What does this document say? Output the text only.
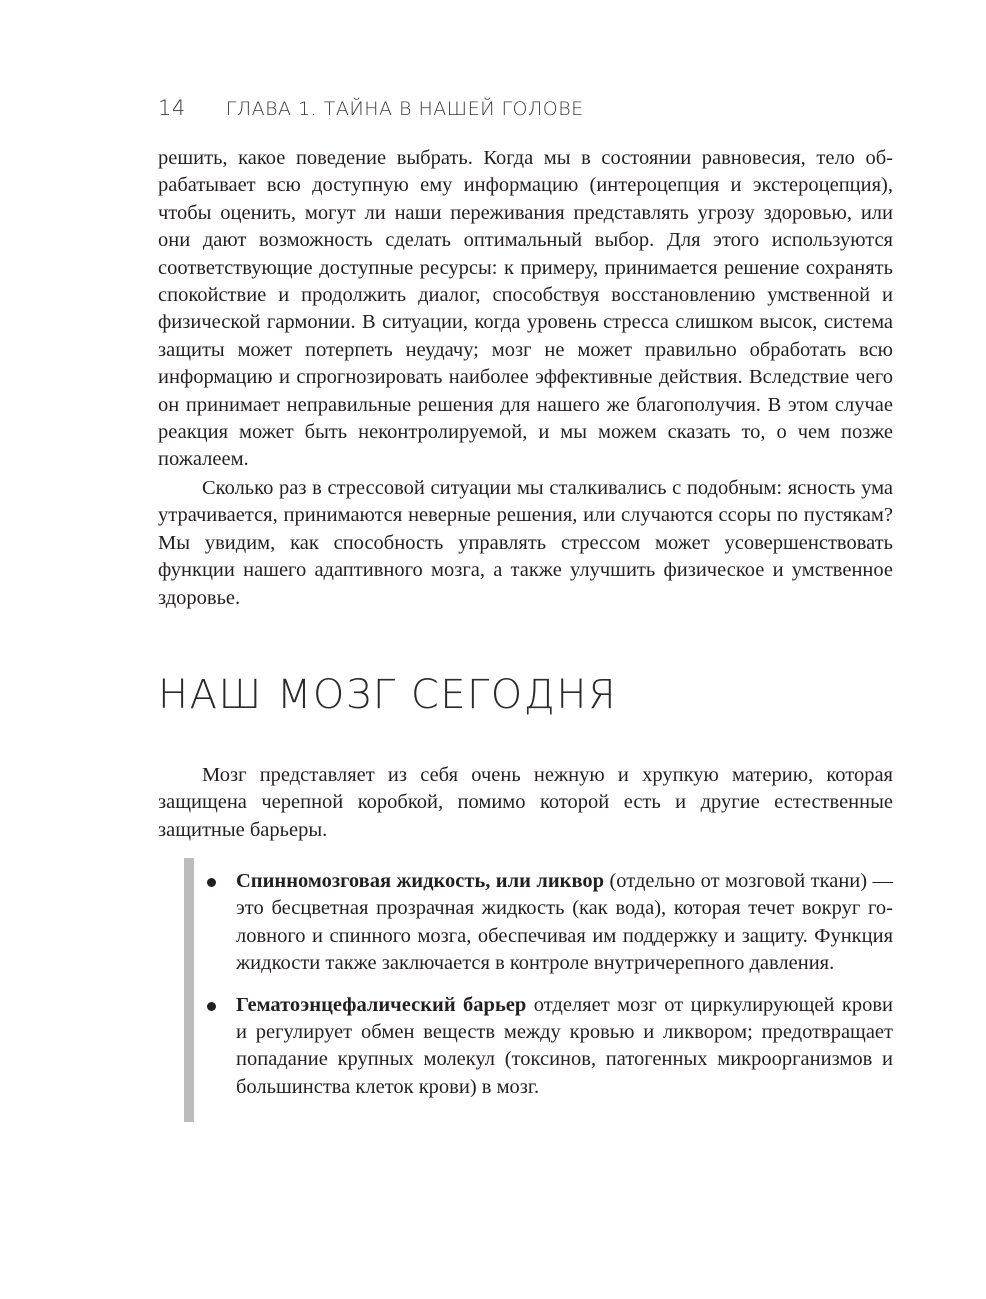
14 ГЛАВА 1. ТАЙНА В НАШЕЙ ГОЛОВЕ

решить, какое поведение выбрать. Когда мы в состоянии равновесия, тело обрабатывает всю доступную ему информацию (интероцепция и экстероцепция), чтобы оценить, могут ли наши переживания представлять угрозу здоровью, или они дают возможность сделать оптимальный выбор. Для этого используются соответствующие доступные ресурсы: к примеру, принимается решение сохранять спокойствие и продолжить диалог, способствуя восстановлению умственной и физической гармонии. В ситуации, когда уровень стресса слишком высок, система защиты может потерпеть неудачу; мозг не может правильно обработать всю информацию и спрогнозировать наиболее эффективные действия. Вследствие чего он принимает неправильные решения для нашего же благополучия. В этом случае реакция может быть неконтролируемой, и мы можем сказать то, о чем позже пожалеем.

Сколько раз в стрессовой ситуации мы сталкивались с подобным: ясность ума утрачивается, принимаются неверные решения, или случаются ссоры по пустякам? Мы увидим, как способность управлять стрессом может усовершенствовать функции нашего адаптивного мозга, а также улучшить физическое и умственное здоровье.

НАШ МОЗГ СЕГОДНЯ

Мозг представляет из себя очень нежную и хрупкую материю, которая защищена черепной коробкой, помимо которой есть и другие естественные защитные барьеры.

Спинномозговая жидкость, или ликвор (отдельно от мозговой ткани) — это бесцветная прозрачная жидкость (как вода), которая течет вокруг головного и спинного мозга, обеспечивая им поддержку и защиту. Функция жидкости также заключается в контроле внутричерепного давления.
Гематоэнцефалический барьер отделяет мозг от циркулирующей крови и регулирует обмен веществ между кровью и ликвором; предотвращает попадание крупных молекул (токсинов, патогенных микроорганизмов и большинства клеток крови) в мозг.
